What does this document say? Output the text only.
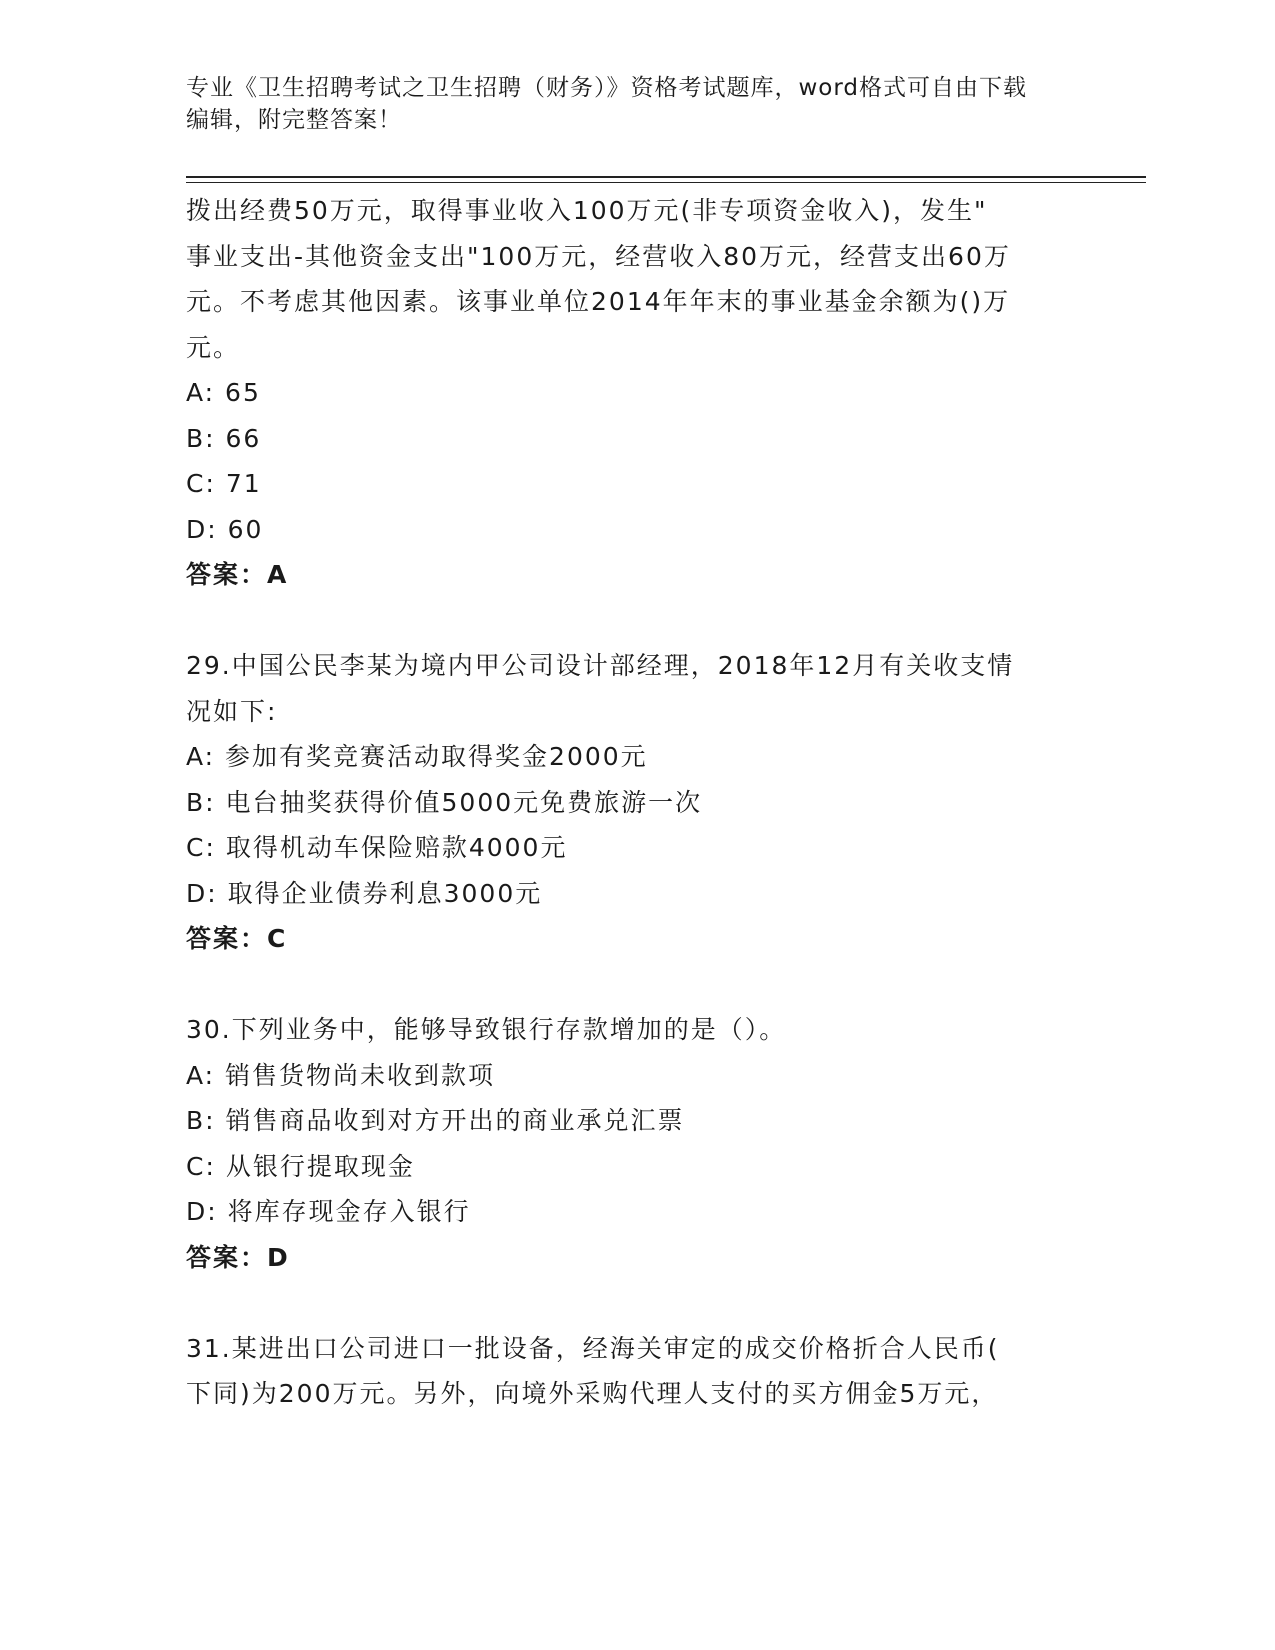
专业《卫生招聘考试之卫生招聘（财务）》资格考试题库，word格式可自由下载
编辑，附完整答案！
拨出经费50万元，取得事业收入100万元(非专项资金收入)，发生"
事业支出-其他资金支出"100万元，经营收入80万元，经营支出60万
元。不考虑其他因素。该事业单位2014年年末的事业基金余额为()万
元。
A: 65
B: 66
C: 71
D: 60
答案：A
29.中国公民李某为境内甲公司设计部经理，2018年12月有关收支情
况如下:
A: 参加有奖竞赛活动取得奖金2000元
B: 电台抽奖获得价值5000元免费旅游一次
C: 取得机动车保险赔款4000元
D: 取得企业债券利息3000元
答案：C
30.下列业务中，能够导致银行存款增加的是（）。
A: 销售货物尚未收到款项
B: 销售商品收到对方开出的商业承兑汇票
C: 从银行提取现金
D: 将库存现金存入银行
答案：D
31.某进出口公司进口一批设备，经海关审定的成交价格折合人民币(
下同)为200万元。另外，向境外采购代理人支付的买方佣金5万元，
